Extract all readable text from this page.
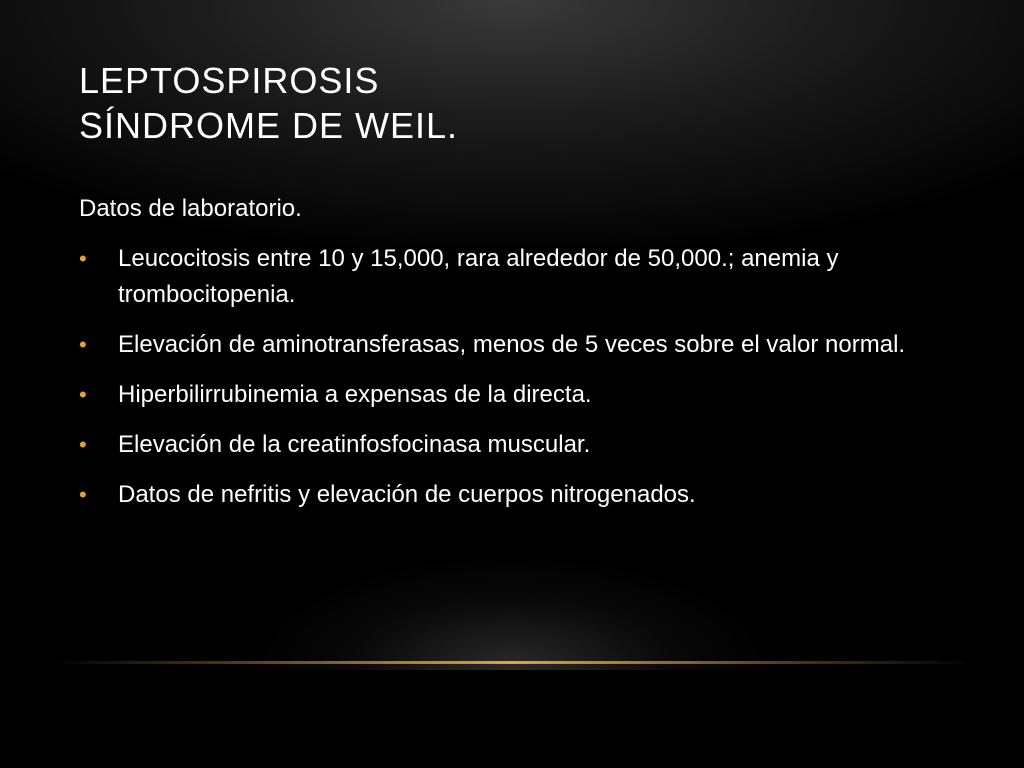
LEPTOSPIROSIS
SÍNDROME DE WEIL.

Datos de laboratorio.

• Leucocitosis entre 10 y 15,000, rara alrededor de 50,000.; anemia y trombocitopenia.
• Elevación de aminotransferasas, menos de 5 veces sobre el valor normal.
• Hiperbilirrubinemia a expensas de la directa.
• Elevación de la creatinfosfocinasa muscular.
• Datos de nefritis y elevación de cuerpos nitrogenados.
